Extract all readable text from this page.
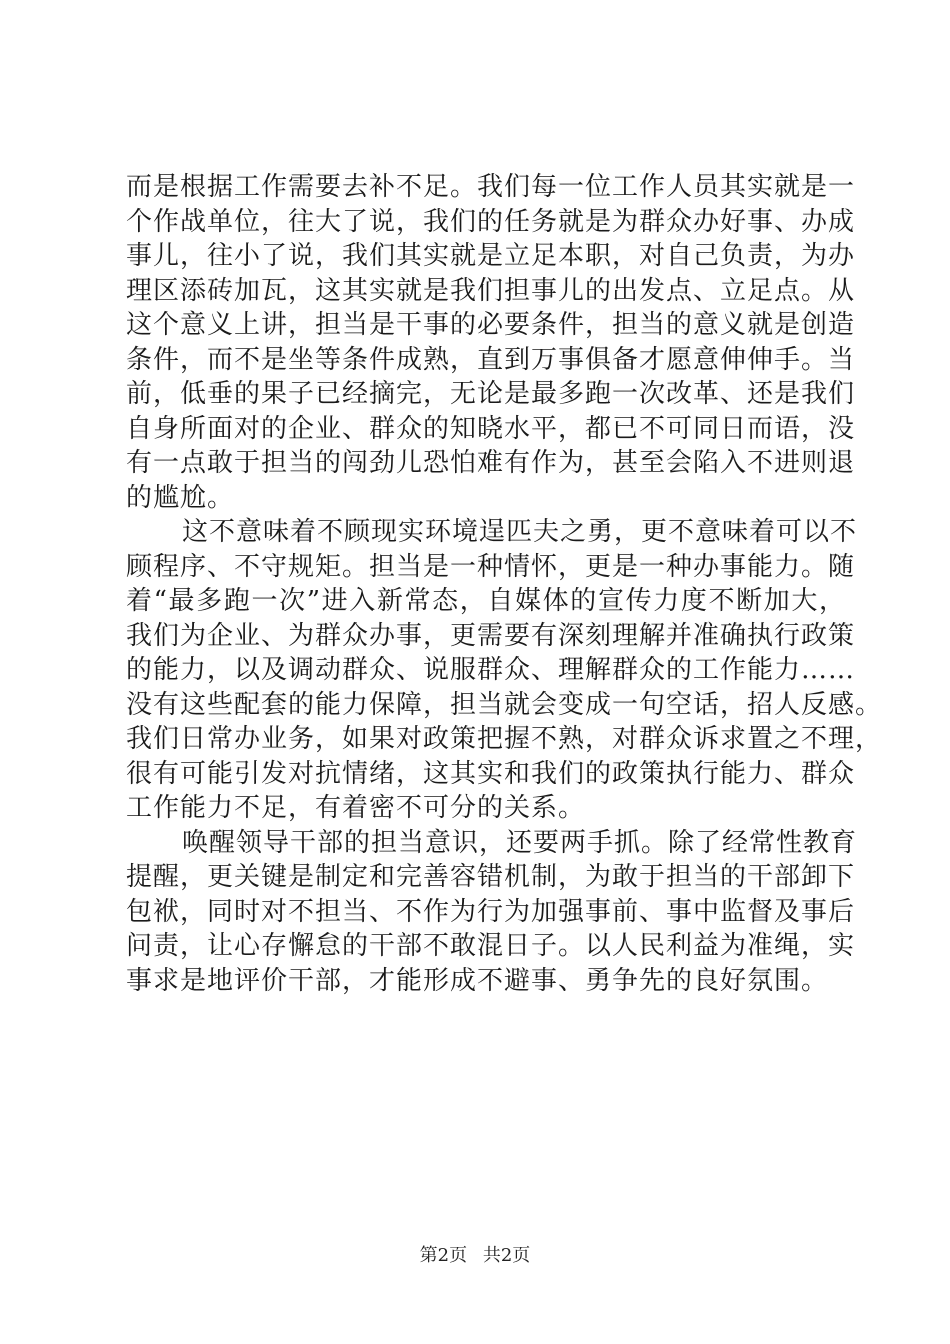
而是根据工作需要去补不足。我们每一位工作人员其实就是一
个作战单位，往大了说，我们的任务就是为群众办好事、办成
事儿，往小了说，我们其实就是立足本职，对自己负责，为办
理区添砖加瓦，这其实就是我们担事儿的出发点、立足点。从
这个意义上讲，担当是干事的必要条件，担当的意义就是创造
条件，而不是坐等条件成熟，直到万事俱备才愿意伸伸手。当
前，低垂的果子已经摘完，无论是最多跑一次改革、还是我们
自身所面对的企业、群众的知晓水平，都已不可同日而语，没
有一点敢于担当的闯劲儿恐怕难有作为，甚至会陷入不进则退
的尴尬。
这不意味着不顾现实环境逞匹夫之勇，更不意味着可以不
顾程序、不守规矩。担当是一种情怀，更是一种办事能力。随
着“最多跑一次”进入新常态，自媒体的宣传力度不断加大，
我们为企业、为群众办事，更需要有深刻理解并准确执行政策
的能力，以及调动群众、说服群众、理解群众的工作能力……
没有这些配套的能力保障，担当就会变成一句空话，招人反感。
我们日常办业务，如果对政策把握不熟，对群众诉求置之不理，
很有可能引发对抗情绪，这其实和我们的政策执行能力、群众
工作能力不足，有着密不可分的关系。
唤醒领导干部的担当意识，还要两手抓。除了经常性教育
提醒，更关键是制定和完善容错机制，为敢于担当的干部卸下
包袱，同时对不担当、不作为行为加强事前、事中监督及事后
问责，让心存懈怠的干部不敢混日子。以人民利益为准绳，实
事求是地评价干部，才能形成不避事、勇争先的良好氛围。
第2页 共2页
